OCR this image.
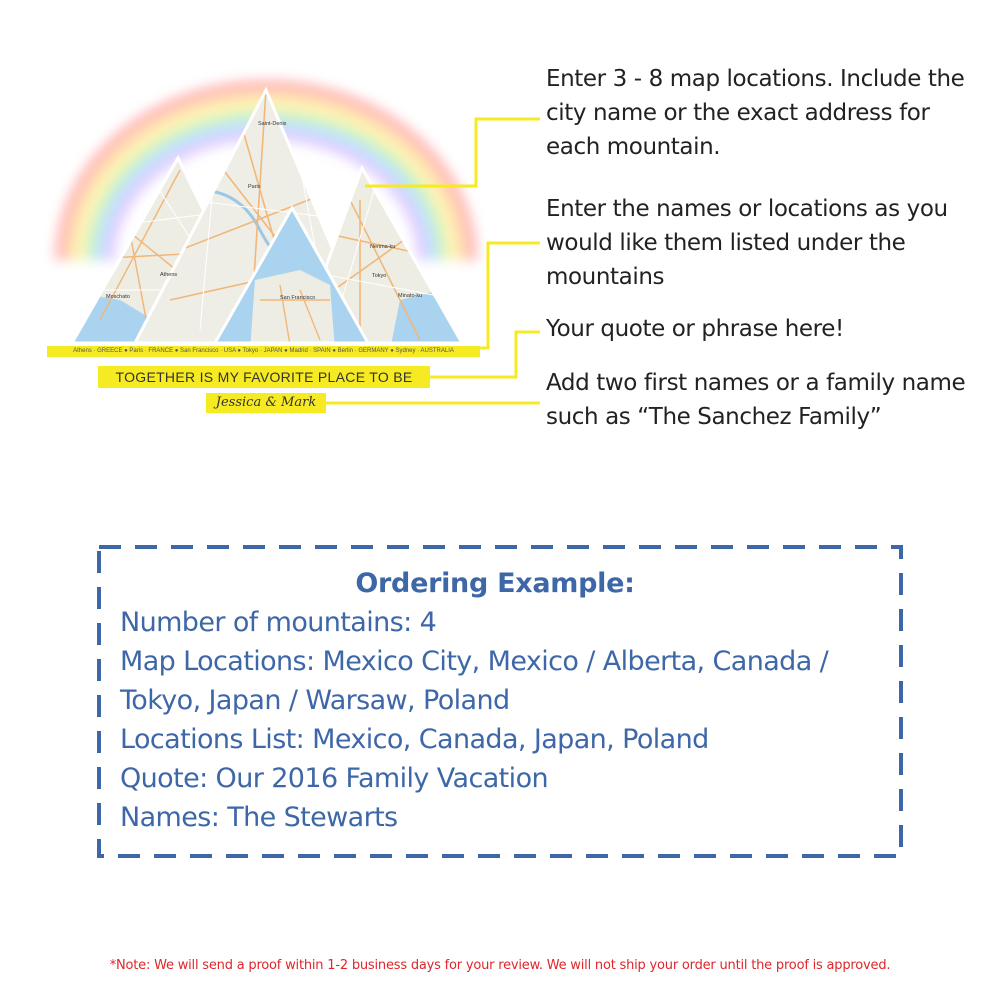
Saint-Denis
Paris
Athens
Moschato	San Francisco
Nerima-ku
Tokyo
Minato-ku
Athens · GREECE ● Paris · FRANCE ● San Francisco · USA ● Tokyo · JAPAN ● Madrid · SPAIN ● Berlin · GERMANY ● Sydney · AUSTRALIA
TOGETHER IS MY FAVORITE PLACE TO BE
Jessica & Mark
Enter 3 - 8 map locations. Include the city name or the exact address for each mountain.
Enter the names or locations as you would like them listed under the mountains
Your quote or phrase here!
Add two first names or a family name such as “The Sanchez Family”
Ordering Example:
Number of mountains: 4
Map Locations: Mexico City, Mexico / Alberta, Canada / Tokyo, Japan / Warsaw, Poland
Locations List: Mexico, Canada, Japan, Poland
Quote: Our 2016 Family Vacation
Names: The Stewarts
*Note: We will send a proof within 1-2 business days for your review. We will not ship your order until the proof is approved.
